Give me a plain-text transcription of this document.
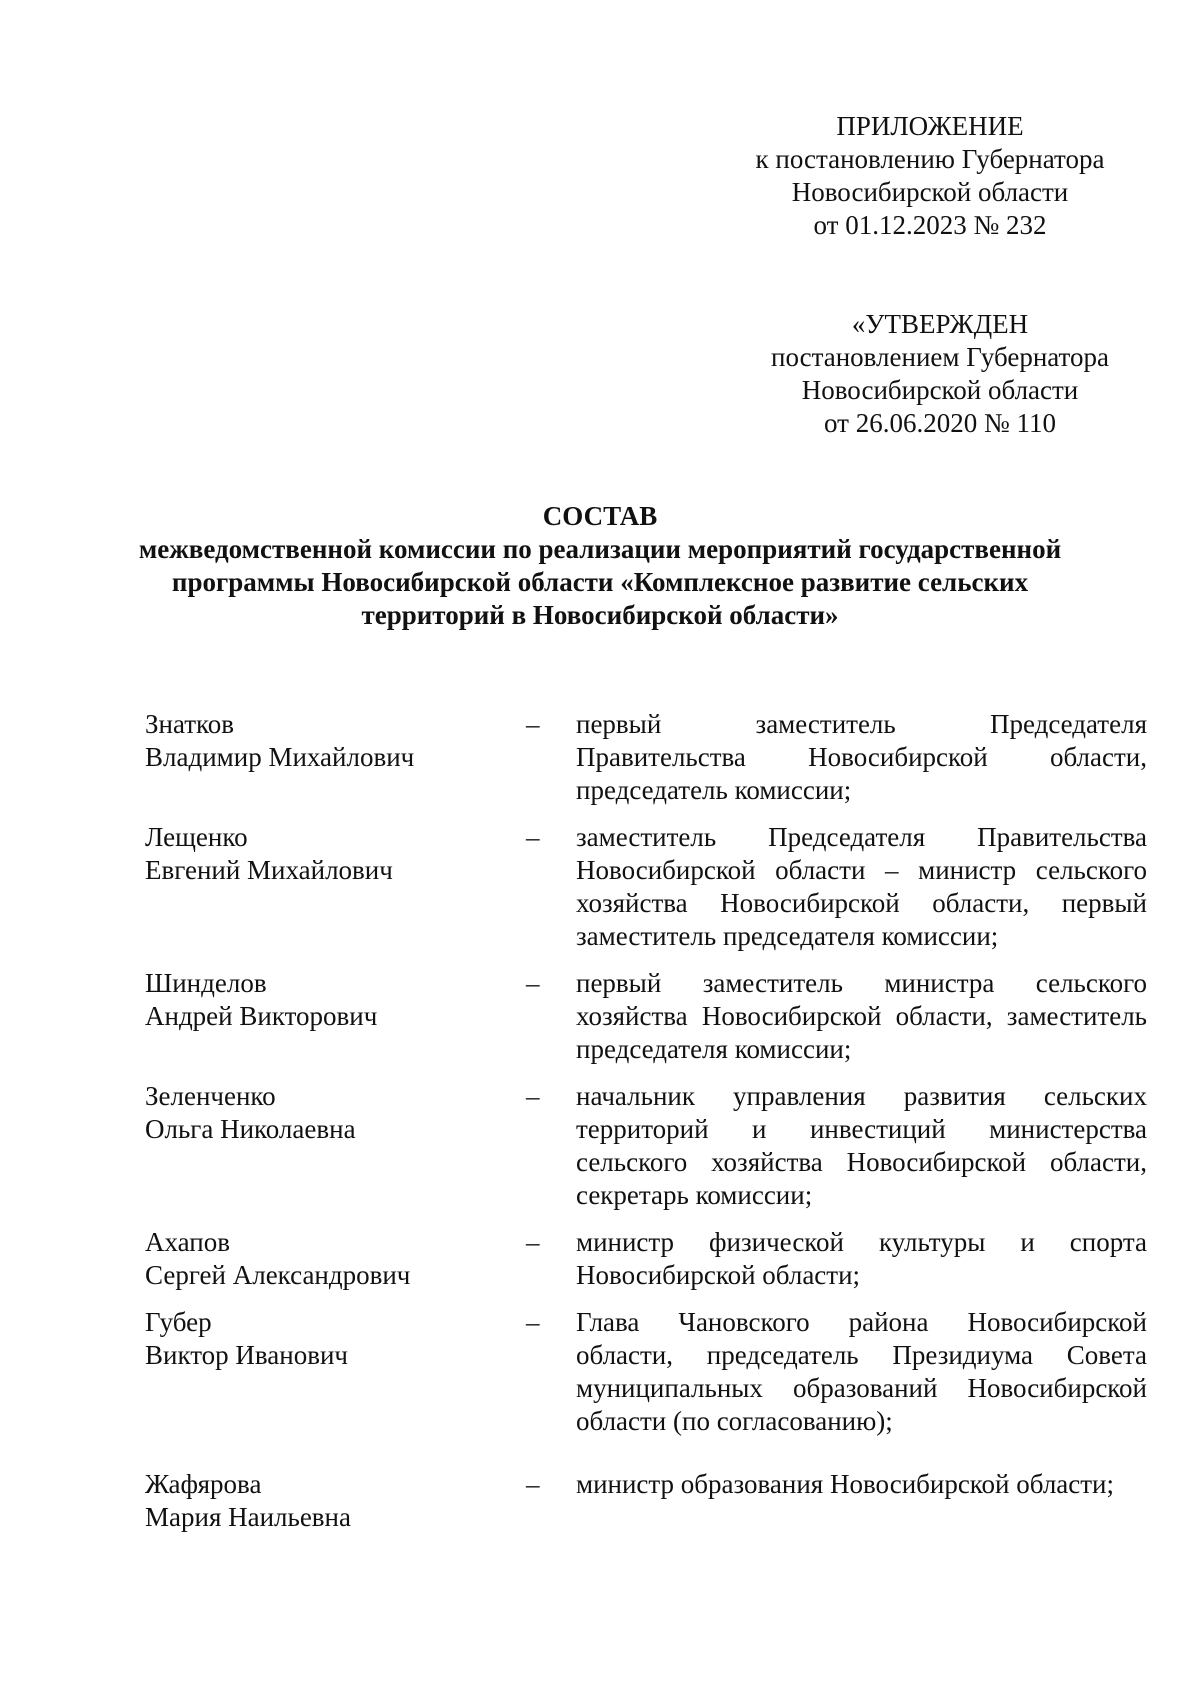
ПРИЛОЖЕНИЕ
к постановлению Губернатора
Новосибирской области
от 01.12.2023 № 232
«УТВЕРЖДЕН
постановлением Губернатора
Новосибирской области
от 26.06.2020 № 110
СОСТАВ
межведомственной комиссии по реализации мероприятий государственной программы Новосибирской области «Комплексное развитие сельских территорий в Новосибирской области»
Знатков
Владимир Михайлович
–	первый заместитель Председателя Правительства Новосибирской области, председатель комиссии;
Лещенко
Евгений Михайлович
–	заместитель Председателя Правительства Новосибирской области – министр сельского хозяйства Новосибирской области, первый заместитель председателя комиссии;
Шинделов
Андрей Викторович
–	первый заместитель министра сельского хозяйства Новосибирской области, заместитель председателя комиссии;
Зеленченко
Ольга Николаевна
–	начальник управления развития сельских территорий и инвестиций министерства сельского хозяйства Новосибирской области, секретарь комиссии;
Ахапов
Сергей Александрович
–	министр физической культуры и спорта Новосибирской области;
Губер
Виктор Иванович
–	Глава Чановского района Новосибирской области, председатель Президиума Совета муниципальных образований Новосибирской области (по согласованию);
Жафярова
Мария Наильевна
–	министр образования Новосибирской области;
